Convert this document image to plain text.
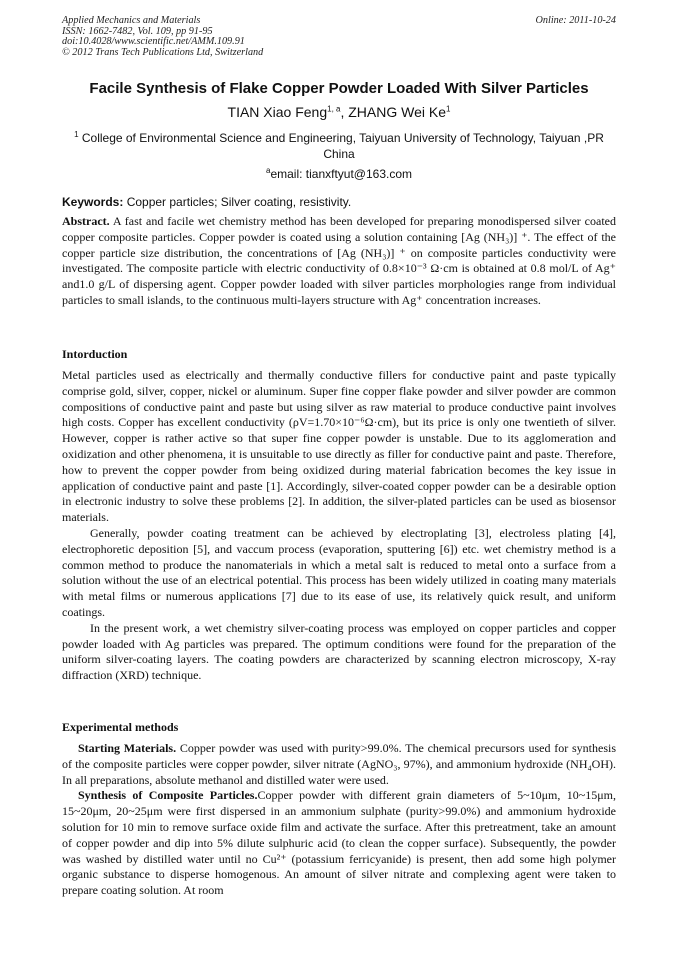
Applied Mechanics and Materials
ISSN: 1662-7482, Vol. 109, pp 91-95
doi:10.4028/www.scientific.net/AMM.109.91
© 2012 Trans Tech Publications Ltd, Switzerland
Online: 2011-10-24
Facile Synthesis of Flake Copper Powder Loaded With Silver Particles
TIAN Xiao Feng$^{1, a}$, ZHANG Wei Ke$^1$
$^1$ College of Environmental Science and Engineering, Taiyuan University of Technology, Taiyuan ,PR China
$^a$email: tianxftyut@163.com
Keywords: Copper particles; Silver coating, resistivity.

Abstract. A fast and facile wet chemistry method has been developed for preparing monodispersed silver coated copper composite particles. Copper powder is coated using a solution containing [Ag (NH₃)] ⁺. The effect of the copper particle size distribution, the concentrations of [Ag (NH₃)] ⁺ on composite particles conductivity were investigated. The composite particle with electric conductivity of 0.8×10⁻³ Ω·cm is obtained at 0.8 mol/L of Ag⁺ and1.0 g/L of dispersing agent. Copper powder loaded with silver particles morphologies range from individual particles to small islands, to the continuous multi-layers structure with Ag⁺ concentration increases.

Intorduction

Metal particles used as electrically and thermally conductive fillers for conductive paint and paste typically comprise gold, silver, copper, nickel or aluminum. Super fine copper flake powder and silver powder are common compositions of conductive paint and paste but using silver as raw material to produce conductive paint involves high costs. Copper has excellent conductivity (ρV=1.70×10⁻⁶Ω·cm), but its price is only one twentieth of silver. However, copper is rather active so that super fine copper powder is unstable. Due to its agglomeration and oxidization and other phenomena, it is unsuitable to use directly as filler for conductive paint and paste. Therefore, how to prevent the copper powder from being oxidized during material fabrication becomes the key issue in application of conductive paint and paste [1]. Accordingly, silver-coated copper powder can be a desirable option in electronic industry to solve these problems [2]. In addition, the silver-plated particles can be used as biosensor materials.

Generally, powder coating treatment can be achieved by electroplating [3], electroless plating [4], electrophoretic deposition [5], and vaccum process (evaporation, sputtering [6]) etc. wet chemistry method is a common method to produce the nanomaterials in which a metal salt is reduced to metal onto a surface from a solution without the use of an electrical potential. This process has been widely utilized in coating many materials with metal films or numerous applications [7] due to its ease of use, its relatively quick result, and uniform coatings.

In the present work, a wet chemistry silver-coating process was employed on copper particles and copper powder loaded with Ag particles was prepared. The optimum conditions were found for the preparation of the uniform silver-coating layers. The coating powders are characterized by scanning electron microscopy, X-ray diffraction (XRD) technique.

Experimental methods

Starting Materials. Copper powder was used with purity>99.0%. The chemical precursors used for synthesis of the composite particles were copper powder, silver nitrate (AgNO₃, 97%), and ammonium hydroxide (NH₄OH). In all preparations, absolute methanol and distilled water were used.

Synthesis of Composite Particles.Copper powder with different grain diameters of 5~10μm, 10~15μm, 15~20μm, 20~25μm were first dispersed in an ammonium sulphate (purity>99.0%) and ammonium hydroxide solution for 10 min to remove surface oxide film and activate the surface. After this pretreatment, take an amount of copper powder and dip into 5% dilute sulphuric acid (to clean the copper surface). Subsequently, the powder was washed by distilled water until no Cu²⁺ (potassium ferricyanide) is present, then add some high polymer organic substance to disperse homogenous. An amount of silver nitrate and complexing agent were taken to prepare coating solution. At room
